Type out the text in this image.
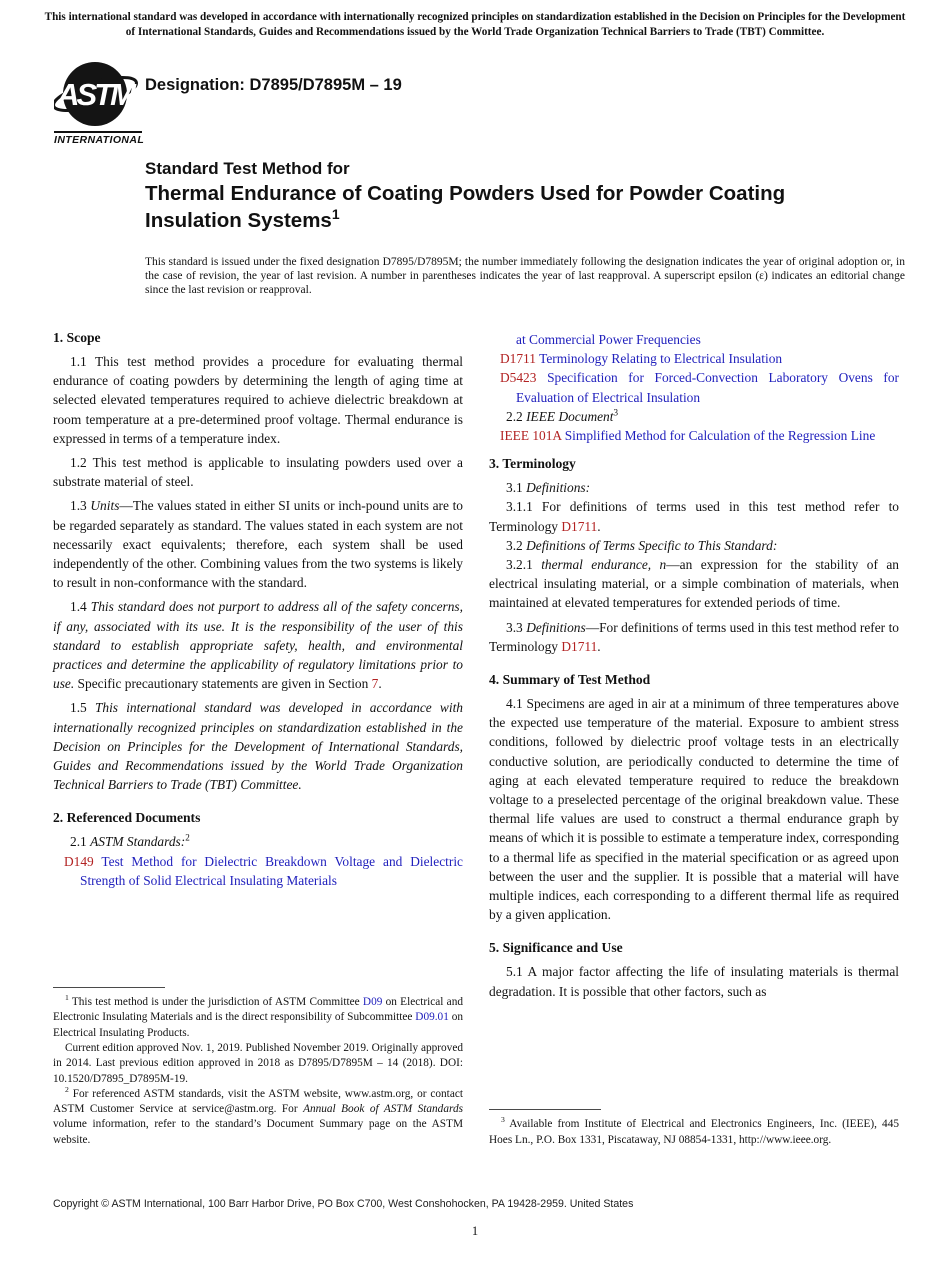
This international standard was developed in accordance with internationally recognized principles on standardization established in the Decision on Principles for the Development of International Standards, Guides and Recommendations issued by the World Trade Organization Technical Barriers to Trade (TBT) Committee.
ASTM
INTERNATIONAL
Designation: D7895/D7895M – 19
Standard Test Method for
Thermal Endurance of Coating Powders Used for Powder Coating Insulation Systems$^1$
This standard is issued under the fixed designation D7895/D7895M; the number immediately following the designation indicates the year of original adoption or, in the case of revision, the year of last revision. A number in parentheses indicates the year of last reapproval. A superscript epsilon (ε) indicates an editorial change since the last revision or reapproval.
1. Scope

1.1 This test method provides a procedure for evaluating thermal endurance of coating powders by determining the length of aging time at selected elevated temperatures required to achieve dielectric breakdown at room temperature at a pre-determined proof voltage. Thermal endurance is expressed in terms of a temperature index.

1.2 This test method is applicable to insulating powders used over a substrate material of steel.

1.3 Units—The values stated in either SI units or inch-pound units are to be regarded separately as standard. The values stated in each system are not necessarily exact equivalents; therefore, each system shall be used independently of the other. Combining values from the two systems is likely to result in non-conformance with the standard.

1.4 This standard does not purport to address all of the safety concerns, if any, associated with its use. It is the responsibility of the user of this standard to establish appropriate safety, health, and environmental practices and determine the applicability of regulatory limitations prior to use. Specific precautionary statements are given in Section 7.

1.5 This international standard was developed in accordance with internationally recognized principles on standardization established in the Decision on Principles for the Development of International Standards, Guides and Recommendations issued by the World Trade Organization Technical Barriers to Trade (TBT) Committee.

2. Referenced Documents

2.1 ASTM Standards:$^2$

D149 Test Method for Dielectric Breakdown Voltage and Dielectric Strength of Solid Electrical Insulating Materials

$^1$ This test method is under the jurisdiction of ASTM Committee D09 on Electrical and Electronic Insulating Materials and is the direct responsibility of Subcommittee D09.01 on Electrical Insulating Products.

Current edition approved Nov. 1, 2019. Published November 2019. Originally approved in 2014. Last previous edition approved in 2018 as D7895/D7895M – 14 (2018). DOI: 10.1520/D7895_D7895M-19.

$^2$ For referenced ASTM standards, visit the ASTM website, www.astm.org, or contact ASTM Customer Service at service@astm.org. For Annual Book of ASTM Standards volume information, refer to the standard’s Document Summary page on the ASTM website.

at Commercial Power Frequencies

D1711 Terminology Relating to Electrical Insulation

D5423 Specification for Forced-Convection Laboratory Ovens for Evaluation of Electrical Insulation

2.2 IEEE Document$^3$

IEEE 101A Simplified Method for Calculation of the Regression Line

3. Terminology

3.1 Definitions:

3.1.1 For definitions of terms used in this test method refer to Terminology D1711.

3.2 Definitions of Terms Specific to This Standard:

3.2.1 thermal endurance, n—an expression for the stability of an electrical insulating material, or a simple combination of materials, when maintained at elevated temperatures for extended periods of time.

3.3 Definitions—For definitions of terms used in this test method refer to Terminology D1711.

4. Summary of Test Method

4.1 Specimens are aged in air at a minimum of three temperatures above the expected use temperature of the material. Exposure to ambient stress conditions, followed by dielectric proof voltage tests in an electrically conductive solution, are periodically conducted to determine the time of aging at each elevated temperature required to reduce the breakdown voltage to a preselected percentage of the original breakdown value. These thermal life values are used to construct a thermal endurance graph by means of which it is possible to estimate a temperature index, corresponding to a thermal life as specified in the material specification or as agreed upon between the user and the supplier. It is possible that a material will have multiple indices, each corresponding to a different thermal life as required by a given application.

5. Significance and Use

5.1 A major factor affecting the life of insulating materials is thermal degradation. It is possible that other factors, such as

$^3$ Available from Institute of Electrical and Electronics Engineers, Inc. (IEEE), 445 Hoes Ln., P.O. Box 1331, Piscataway, NJ 08854-1331, http://www.ieee.org.

Copyright © ASTM International, 100 Barr Harbor Drive, PO Box C700, West Conshohocken, PA 19428-2959. United States
1
